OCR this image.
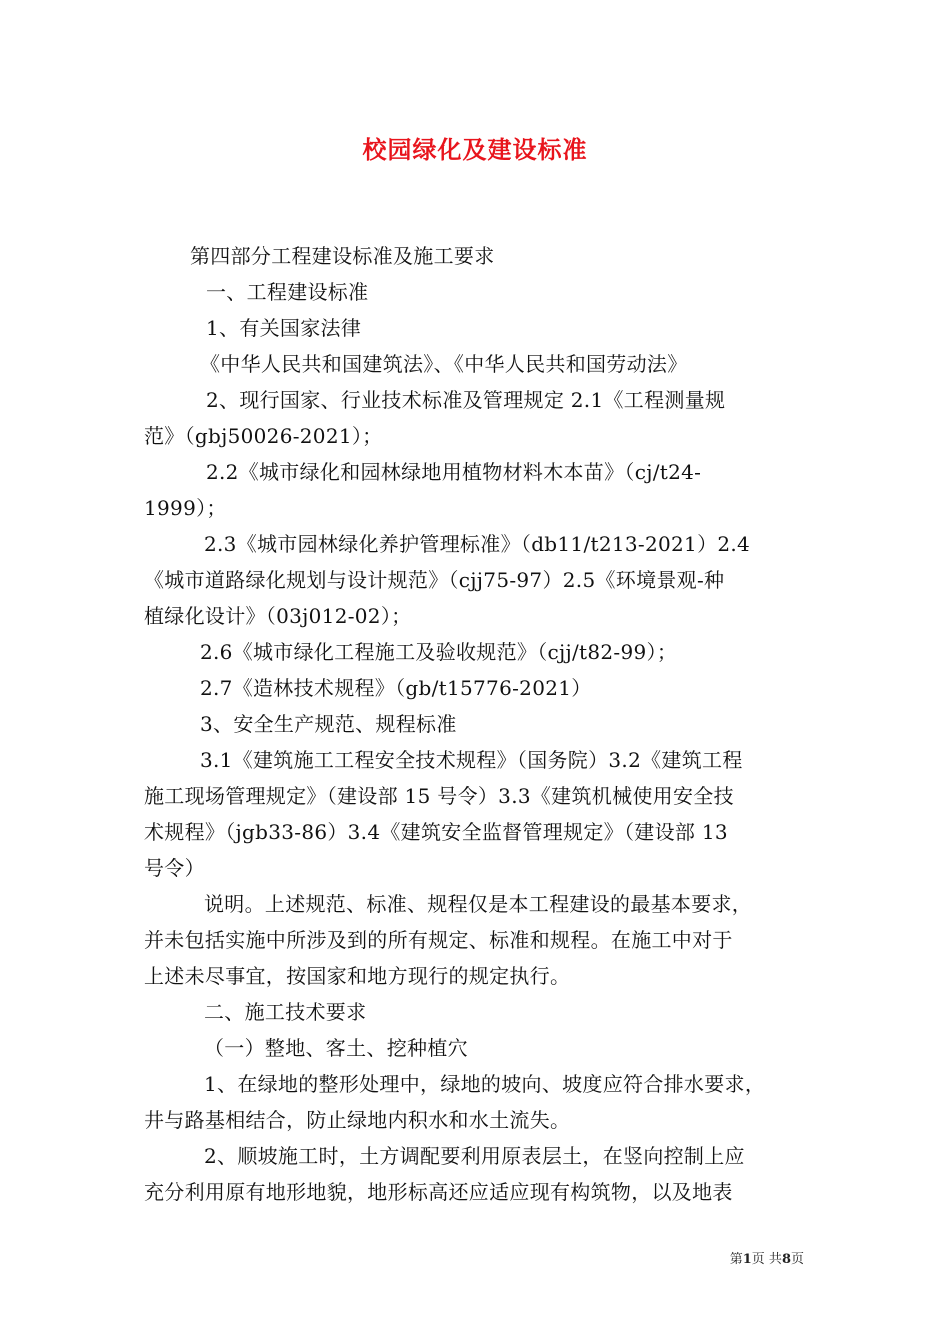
校园绿化及建设标准
第四部分工程建设标准及施工要求
一、工程建设标准
1、有关国家法律
《中华人民共和国建筑法》、《中华人民共和国劳动法》
2、现行国家、行业技术标准及管理规定 2.1《工程测量规
范》（gbj50026-2021）；
2.2《城市绿化和园林绿地用植物材料木本苗》（cj/t24-
1999）；
2.3《城市园林绿化养护管理标准》（db11/t213-2021）2.4
《城市道路绿化规划与设计规范》（cjj75-97）2.5《环境景观-种
植绿化设计》（03j012-02）；
2.6《城市绿化工程施工及验收规范》（cjj/t82-99）；
2.7《造林技术规程》（gb/t15776-2021）
3、安全生产规范、规程标准
3.1《建筑施工工程安全技术规程》（国务院）3.2《建筑工程
施工现场管理规定》（建设部 15 号令）3.3《建筑机械使用安全技
术规程》（jgb33-86）3.4《建筑安全监督管理规定》（建设部 13
号令）
说明。上述规范、标准、规程仅是本工程建设的最基本要求，
并未包括实施中所涉及到的所有规定、标准和规程。在施工中对于
上述未尽事宜，按国家和地方现行的规定执行。
二、施工技术要求
（一）整地、客土、挖种植穴
1、在绿地的整形处理中，绿地的坡向、坡度应符合排水要求，
井与路基相结合，防止绿地内积水和水土流失。
2、顺坡施工时，土方调配要利用原表层土，在竖向控制上应
充分利用原有地形地貌，地形标高还应适应现有构筑物，以及地表
第1页 共8页
